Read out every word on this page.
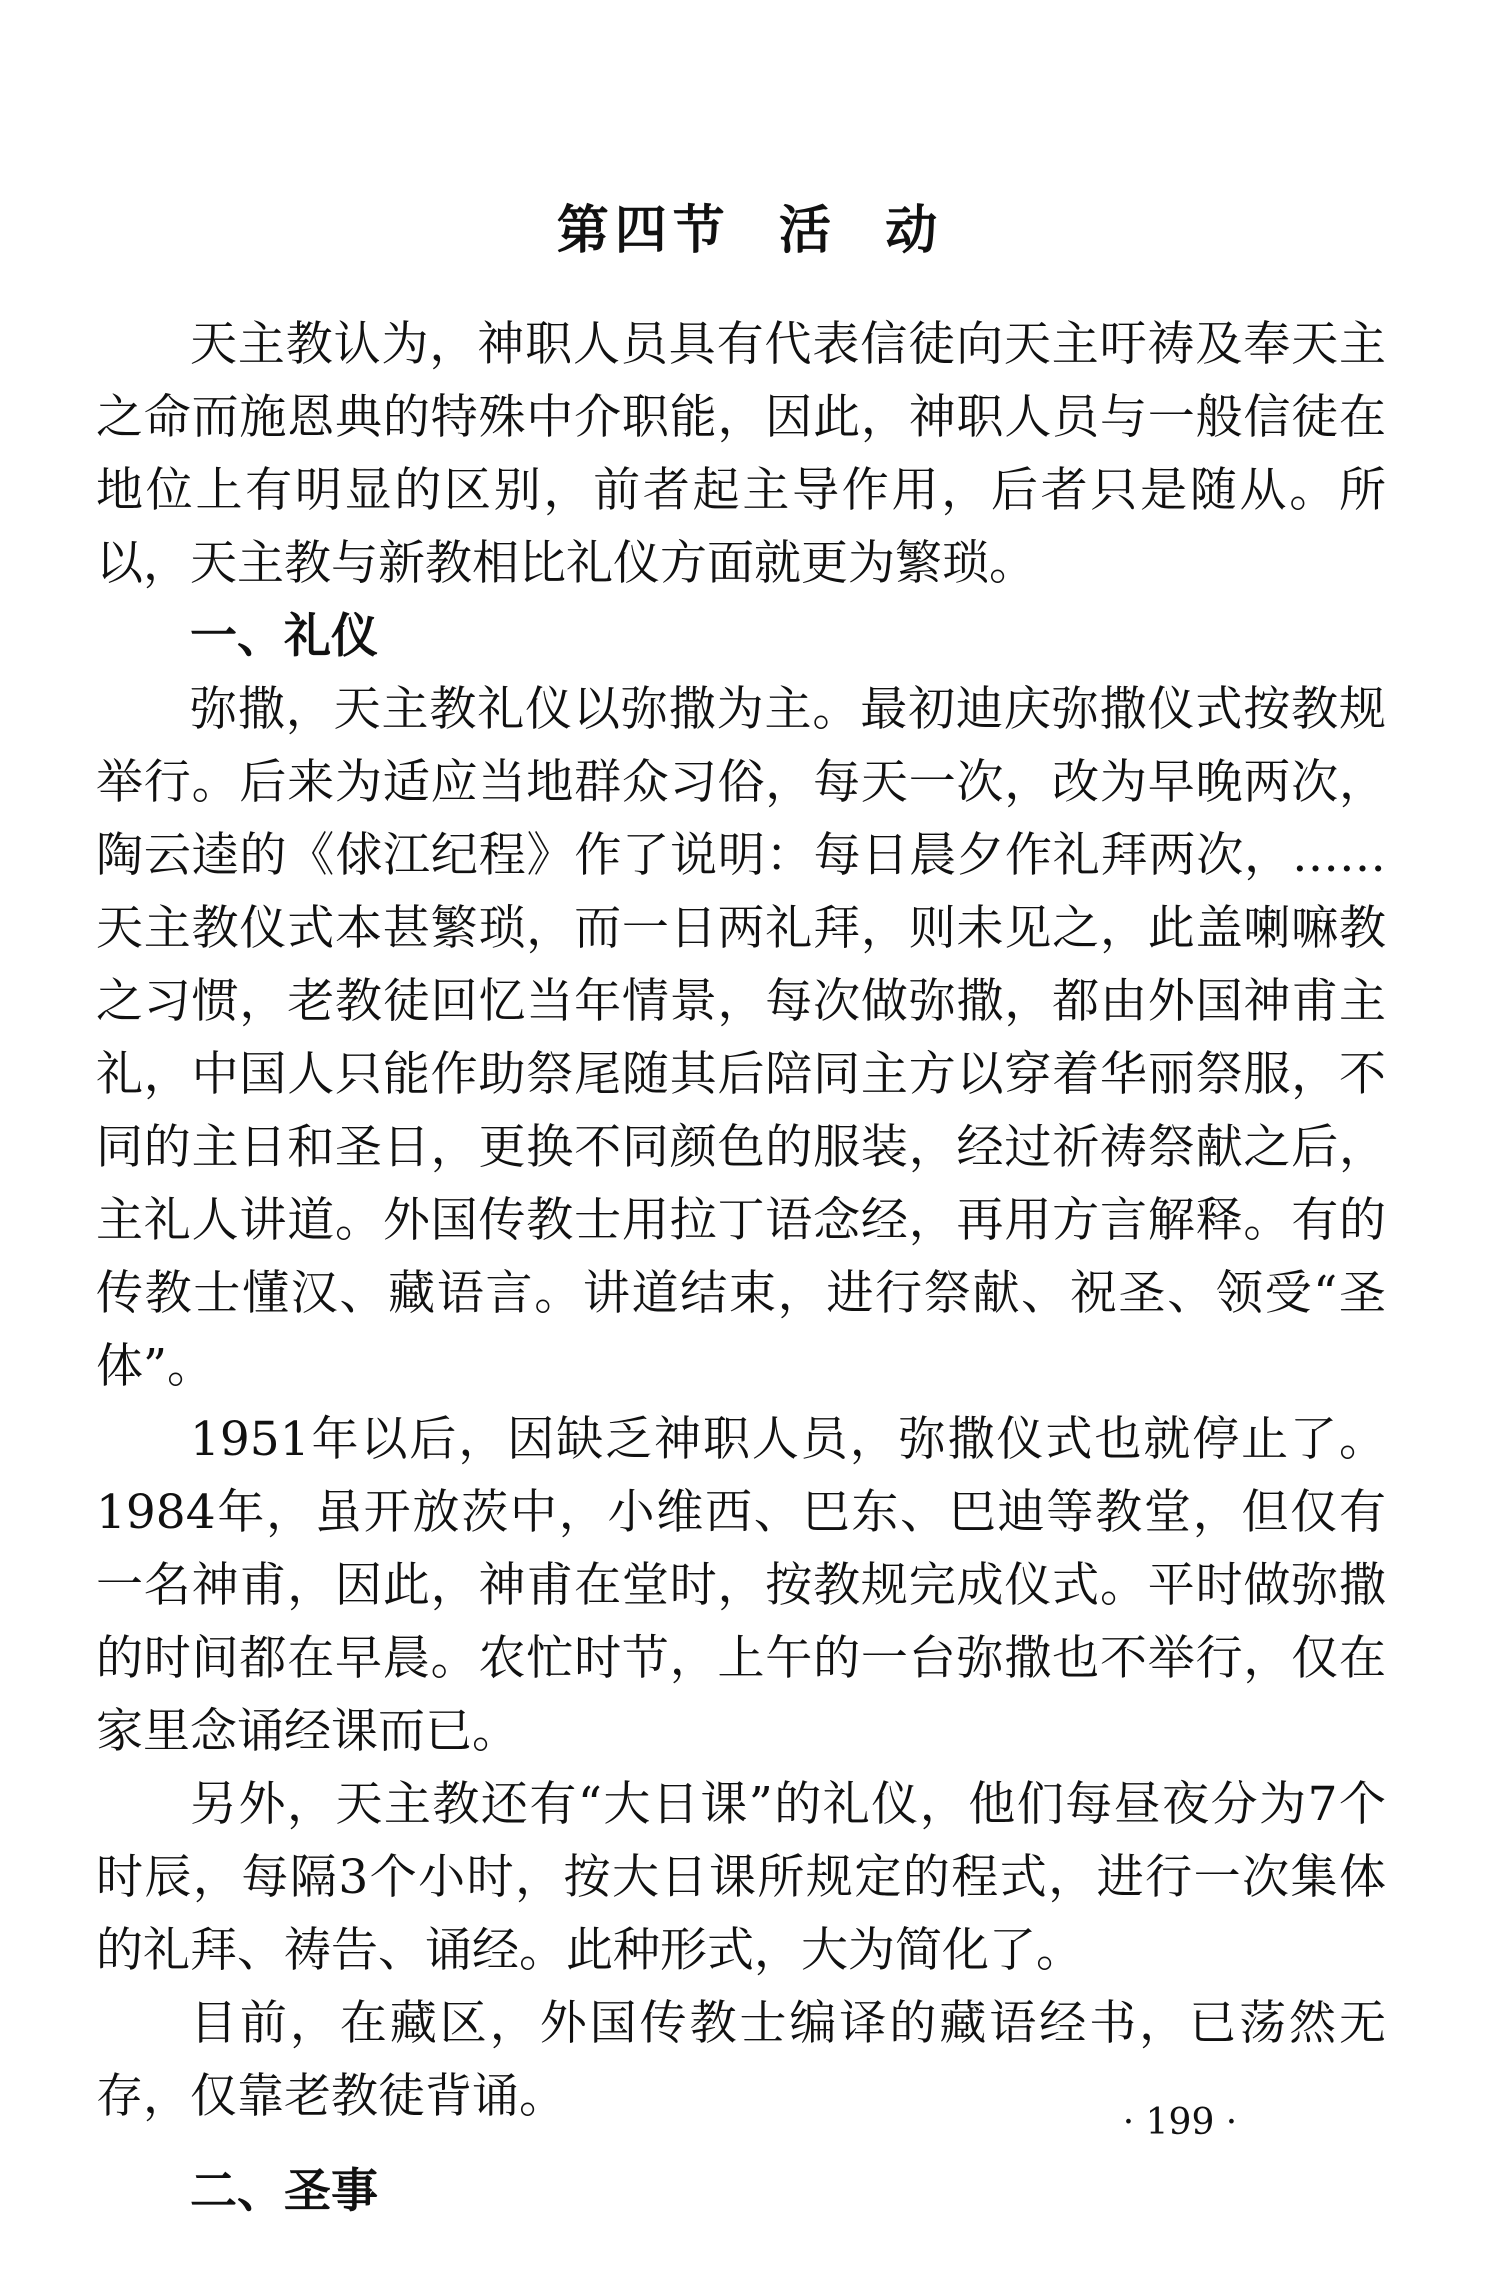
第四节  活  动

天主教认为，神职人员具有代表信徒向天主吁祷及奉天主之命而施恩典的特殊中介职能，因此，神职人员与一般信徒在地位上有明显的区别，前者起主导作用，后者只是随从。所以，天主教与新教相比礼仪方面就更为繁琐。

一、礼仪

弥撒，天主教礼仪以弥撒为主。最初迪庆弥撒仪式按教规举行。后来为适应当地群众习俗，每天一次，改为早晚两次，陶云逵的《俅江纪程》作了说明：每日晨夕作礼拜两次，……天主教仪式本甚繁琐，而一日两礼拜，则未见之，此盖喇嘛教之习惯，老教徒回忆当年情景，每次做弥撒，都由外国神甫主礼，中国人只能作助祭尾随其后陪同主方以穿着华丽祭服，不同的主日和圣日，更换不同颜色的服装，经过祈祷祭献之后，主礼人讲道。外国传教士用拉丁语念经，再用方言解释。有的传教士懂汉、藏语言。讲道结束，进行祭献、祝圣、领受“圣体”。

1951年以后，因缺乏神职人员，弥撒仪式也就停止了。1984年，虽开放茨中，小维西、巴东、巴迪等教堂，但仅有一名神甫，因此，神甫在堂时，按教规完成仪式。平时做弥撒的时间都在早晨。农忙时节，上午的一台弥撒也不举行，仅在家里念诵经课而已。

另外，天主教还有“大日课”的礼仪，他们每昼夜分为7个时辰，每隔3个小时，按大日课所规定的程式，进行一次集体的礼拜、祷告、诵经。此种形式，大为简化了。

目前，在藏区，外国传教士编译的藏语经书，已荡然无存，仅靠老教徒背诵。

二、圣事
· 199 ·
